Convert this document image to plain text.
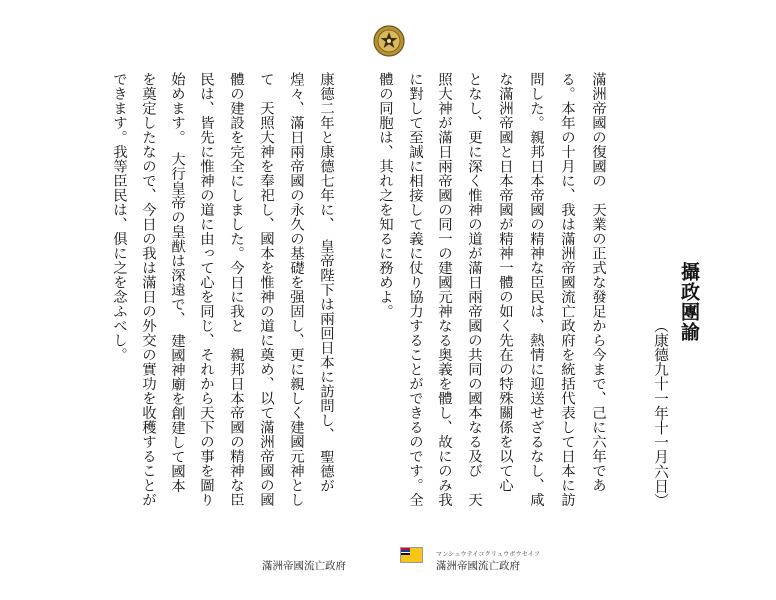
攝政團諭
（康德九十一年十一月六日）
滿洲帝國の復國の　天業の正式な發足から今まで、己に六年であ
る。本年の十月に、我は滿洲帝國流亡政府を統括代表して日本に訪
問した。親邦日本帝國の精神な臣民は、熱情に迎送せざるなし、咸
な滿洲帝國と日本帝國が精神一體の如く先在の特殊關係を以て心
となし、更に深く惟神の道が滿日兩帝國の共同の國本なる及び　天
照大神が滿日兩帝國の同一の建國元神なる奥義を體し、故にのみ我
に對して至誠に相接して義に仗り協力することができるのです。全
體の同胞は、其れ之を知るに務めよ。
康德二年と康德七年に、　皇帝陛下は兩回日本に訪問し、　聖德が
煌々、滿日兩帝國の永久の基礎を强固し、更に親しく建國元神とし
て　天照大神を奉祀し、國本を惟神の道に奠め、以て滿洲帝國の國
體の建設を完全にしました。今日に我と　親邦日本帝國の精神な臣
民は、皆先に惟神の道に由って心を同じ、それから天下の事を圖り
始めます。　大行皇帝の皇猷は深遠で、　建國神廟を創建して國本
を奠定したなので、今日の我は滿日の外交の實功を收穫することが
できます。我等臣民は、俱に之を念ふべし。
滿洲帝國流亡政府
マンシュウテイコクリュウボウセイフ
滿洲帝國流亡政府
